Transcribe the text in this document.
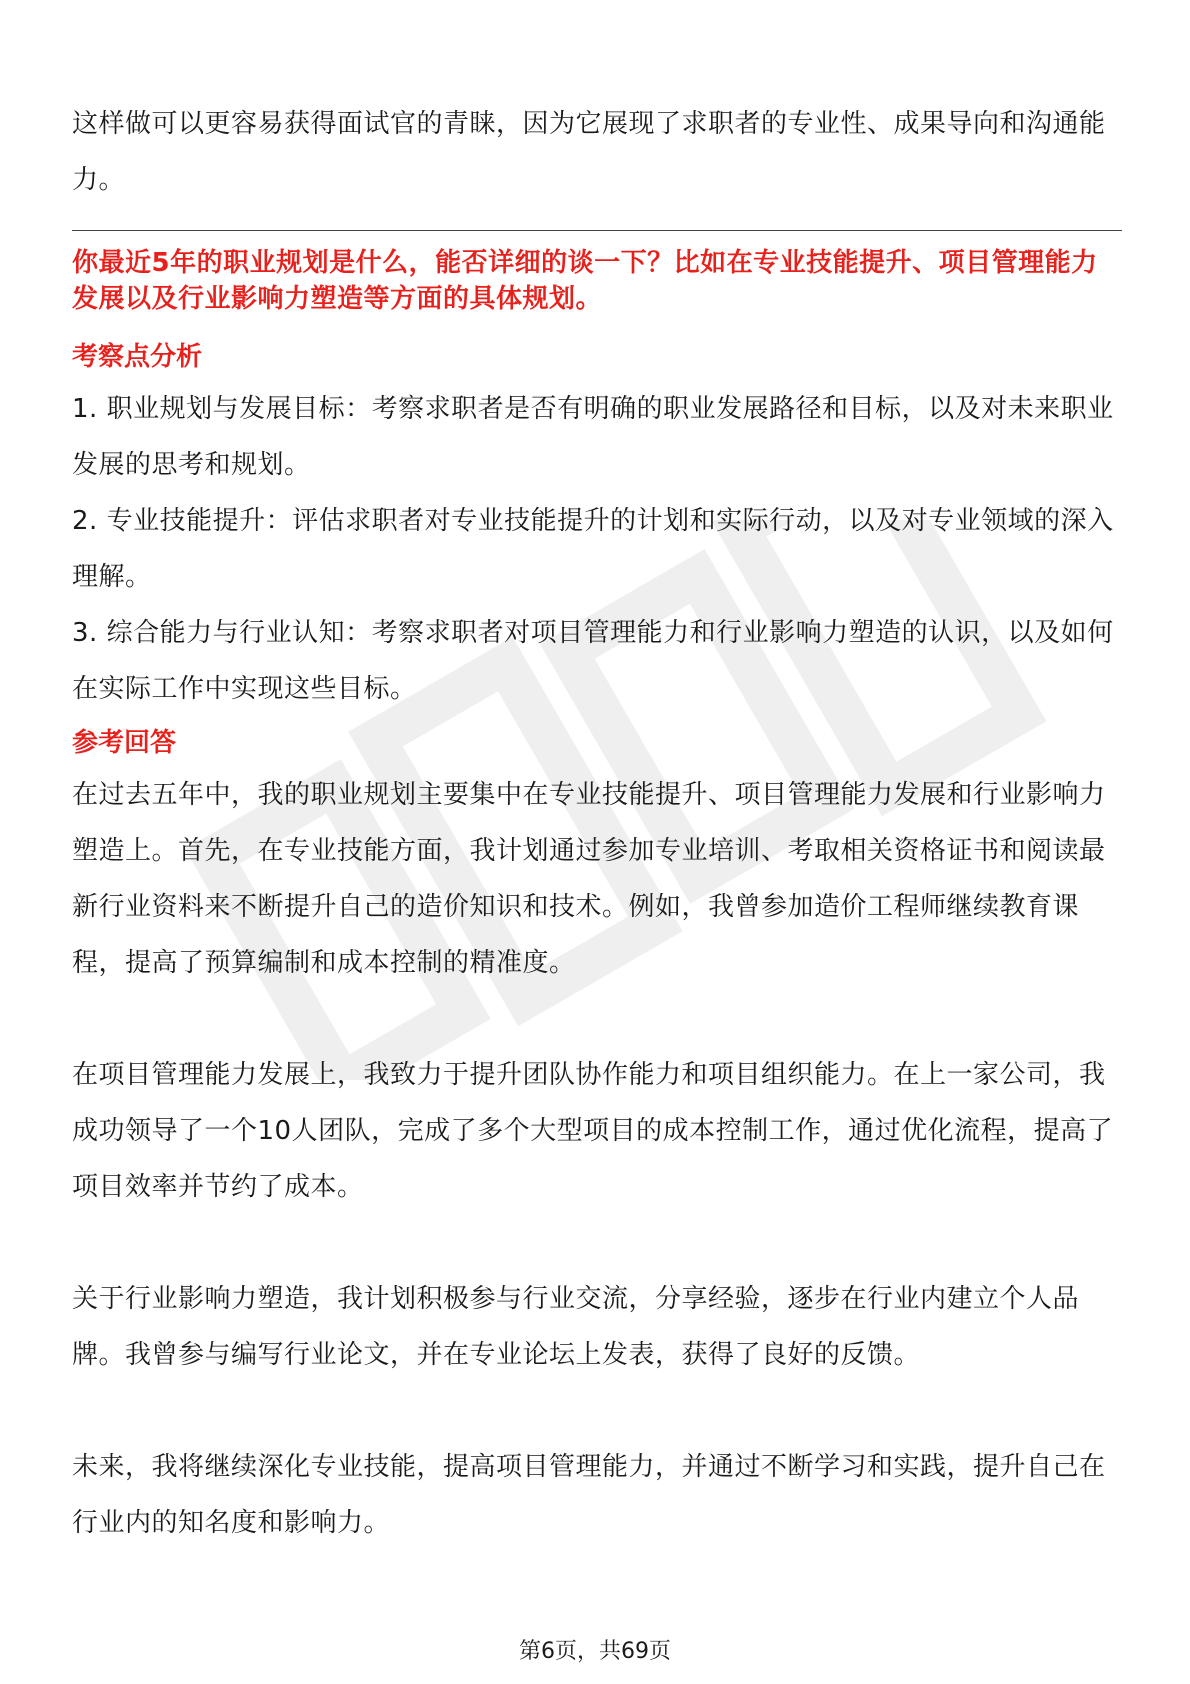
这样做可以更容易获得面试官的青睐，因为它展现了求职者的专业性、成果导向和沟通能力。

你最近5年的职业规划是什么，能否详细的谈一下？比如在专业技能提升、项目管理能力发展以及行业影响力塑造等方面的具体规划。

考察点分析

1. 职业规划与发展目标：考察求职者是否有明确的职业发展路径和目标，以及对未来职业发展的思考和规划。

2. 专业技能提升：评估求职者对专业技能提升的计划和实际行动，以及对专业领域的深入理解。

3. 综合能力与行业认知：考察求职者对项目管理能力和行业影响力塑造的认识，以及如何在实际工作中实现这些目标。

参考回答

在过去五年中，我的职业规划主要集中在专业技能提升、项目管理能力发展和行业影响力塑造上。首先，在专业技能方面，我计划通过参加专业培训、考取相关资格证书和阅读最新行业资料来不断提升自己的造价知识和技术。例如，我曾参加造价工程师继续教育课程，提高了预算编制和成本控制的精准度。

在项目管理能力发展上，我致力于提升团队协作能力和项目组织能力。在上一家公司，我成功领导了一个10人团队，完成了多个大型项目的成本控制工作，通过优化流程，提高了项目效率并节约了成本。

关于行业影响力塑造，我计划积极参与行业交流，分享经验，逐步在行业内建立个人品牌。我曾参与编写行业论文，并在专业论坛上发表，获得了良好的反馈。

未来，我将继续深化专业技能，提高项目管理能力，并通过不断学习和实践，提升自己在行业内的知名度和影响力。

第6页，共69页
